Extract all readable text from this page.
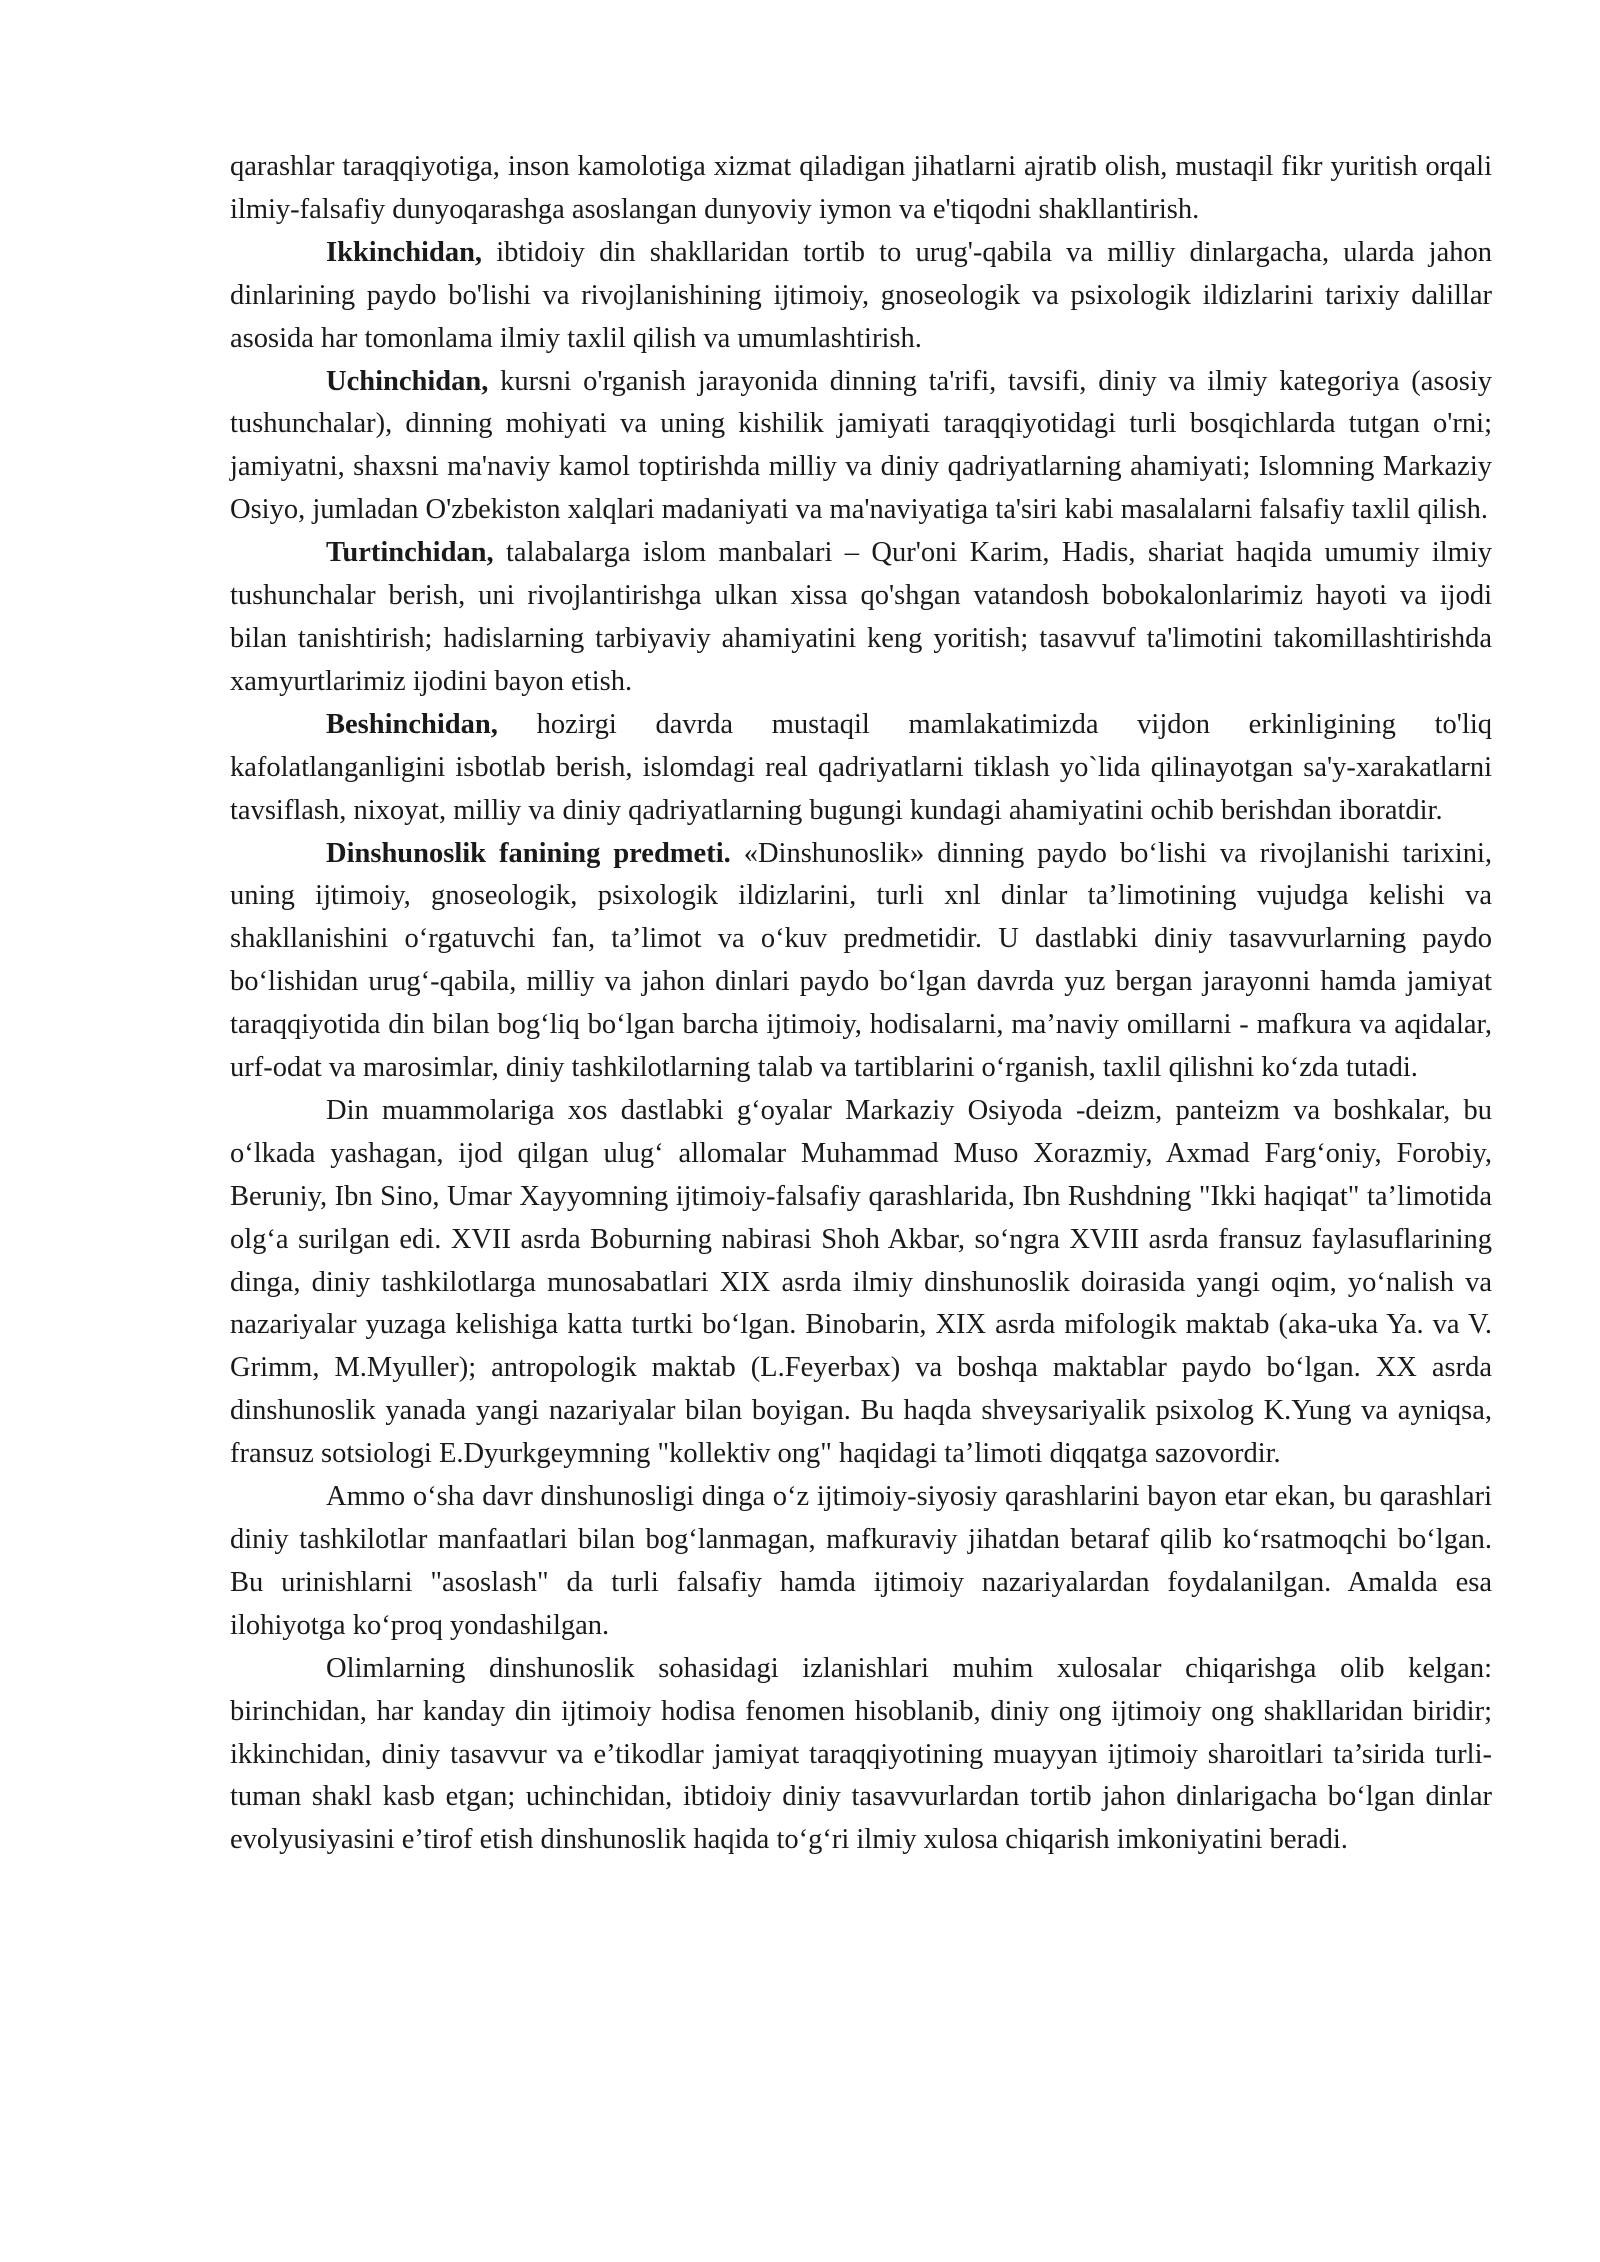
qarashlar taraqqiyotiga, inson kamolotiga xizmat qiladigan jihatlarni ajratib olish, mustaqil fikr yuritish orqali ilmiy-falsafiy dunyoqarashga asoslangan dunyoviy iymon va e'tiqodni shakllantirish.

Ikkinchidan, ibtidoiy din shakllaridan tortib to urug'-qabila va milliy dinlargacha, ularda jahon dinlarining paydo bo'lishi va rivojlanishining ijtimoiy, gnoseologik va psixologik ildizlarini tarixiy dalillar asosida har tomonlama ilmiy taxlil qilish va umumlashtirish.

Uchinchidan, kursni o'rganish jarayonida dinning ta'rifi, tavsifi, diniy va ilmiy kategoriya (asosiy tushunchalar), dinning mohiyati va uning kishilik jamiyati taraqqiyotidagi turli bosqichlarda tutgan o'rni; jamiyatni, shaxsni ma'naviy kamol toptirishda milliy va diniy qadriyatlarning ahamiyati; Islomning Markaziy Osiyo, jumladan O'zbekiston xalqlari madaniyati va ma'naviyatiga ta'siri kabi masalalarni falsafiy taxlil qilish.

Turtinchidan, talabalarga islom manbalari – Qur'oni Karim, Hadis, shariat haqida umumiy ilmiy tushunchalar berish, uni rivojlantirishga ulkan xissa qo'shgan vatandosh bobokalonlarimiz hayoti va ijodi bilan tanishtirish; hadislarning tarbiyaviy ahamiyatini keng yoritish; tasavvuf ta'limotini takomillashtirishda xamyurtlarimiz ijodini bayon etish.

Beshinchidan, hozirgi davrda mustaqil mamlakatimizda vijdon erkinligining to'liq kafolatlanganligini isbotlab berish, islomdagi real qadriyatlarni tiklash yo`lida qilinayotgan sa'y-xarakatlarni tavsiflash, nixoyat, milliy va diniy qadriyatlarning bugungi kundagi ahamiyatini ochib berishdan iboratdir.

Dinshunoslik fanining predmeti. «Dinshunoslik» dinning paydo bo‘lishi va rivojlanishi tarixini, uning ijtimoiy, gnoseologik, psixologik ildizlarini, turli xnl dinlar ta’limotining vujudga kelishi va shakllanishini o‘rgatuvchi fan, ta’limot va o‘kuv predmetidir. U dastlabki diniy tasavvurlarning paydo bo‘lishidan urug‘-qabila, milliy va jahon dinlari paydo bo‘lgan davrda yuz bergan jarayonni hamda jamiyat taraqqiyotida din bilan bog‘liq bo‘lgan barcha ijtimoiy, hodisalarni, ma’naviy omillarni - mafkura va aqidalar, urf-odat va marosimlar, diniy tashkilotlarning talab va tartiblarini o‘rganish, taxlil qilishni ko‘zda tutadi.

Din muammolariga xos dastlabki g‘oyalar Markaziy Osiyoda -deizm, panteizm va boshkalar, bu o‘lkada yashagan, ijod qilgan ulug‘ allomalar Muhammad Muso Xorazmiy, Axmad Farg‘oniy, Forobiy, Beruniy, Ibn Sino, Umar Xayyomning ijtimoiy-falsafiy qarashlarida, Ibn Rushdning "Ikki haqiqat" ta’limotida olg‘a surilgan edi. XVII asrda Boburning nabirasi Shoh Akbar, so‘ngra XVIII asrda fransuz faylasuflarining dinga, diniy tashkilotlarga munosabatlari XIX asrda ilmiy dinshunoslik doirasida yangi oqim, yo‘nalish va nazariyalar yuzaga kelishiga katta turtki bo‘lgan. Binobarin, XIX asrda mifologik maktab (aka-uka Ya. va V. Grimm, M.Myuller); antropologik maktab (L.Feyerbax) va boshqa maktablar paydo bo‘lgan. XX asrda dinshunoslik yanada yangi nazariyalar bilan boyigan. Bu haqda shveysariyalik psixolog K.Yung va ayniqsa, fransuz sotsiologi E.Dyurkgeymning "kollektiv ong" haqidagi ta’limoti diqqatga sazovordir.

Ammo o‘sha davr dinshunosligi dinga o‘z ijtimoiy-siyosiy qarashlarini bayon etar ekan, bu qarashlari diniy tashkilotlar manfaatlari bilan bog‘lanmagan, mafkuraviy jihatdan betaraf qilib ko‘rsatmoqchi bo‘lgan. Bu urinishlarni "asoslash" da turli falsafiy hamda ijtimoiy nazariyalardan foydalanilgan. Amalda esa ilohiyotga ko‘proq yondashilgan.

Olimlarning dinshunoslik sohasidagi izlanishlari muhim xulosalar chiqarishga olib kelgan: birinchidan, har kanday din ijtimoiy hodisa fenomen hisoblanib, diniy ong ijtimoiy ong shakllaridan biridir; ikkinchidan, diniy tasavvur va e’tikodlar jamiyat taraqqiyotining muayyan ijtimoiy sharoitlari ta’sirida turli-tuman shakl kasb etgan; uchinchidan, ibtidoiy diniy tasavvurlardan tortib jahon dinlarigacha bo‘lgan dinlar evolyusiyasini e’tirof etish dinshunoslik haqida to‘g‘ri ilmiy xulosa chiqarish imkoniyatini beradi.
